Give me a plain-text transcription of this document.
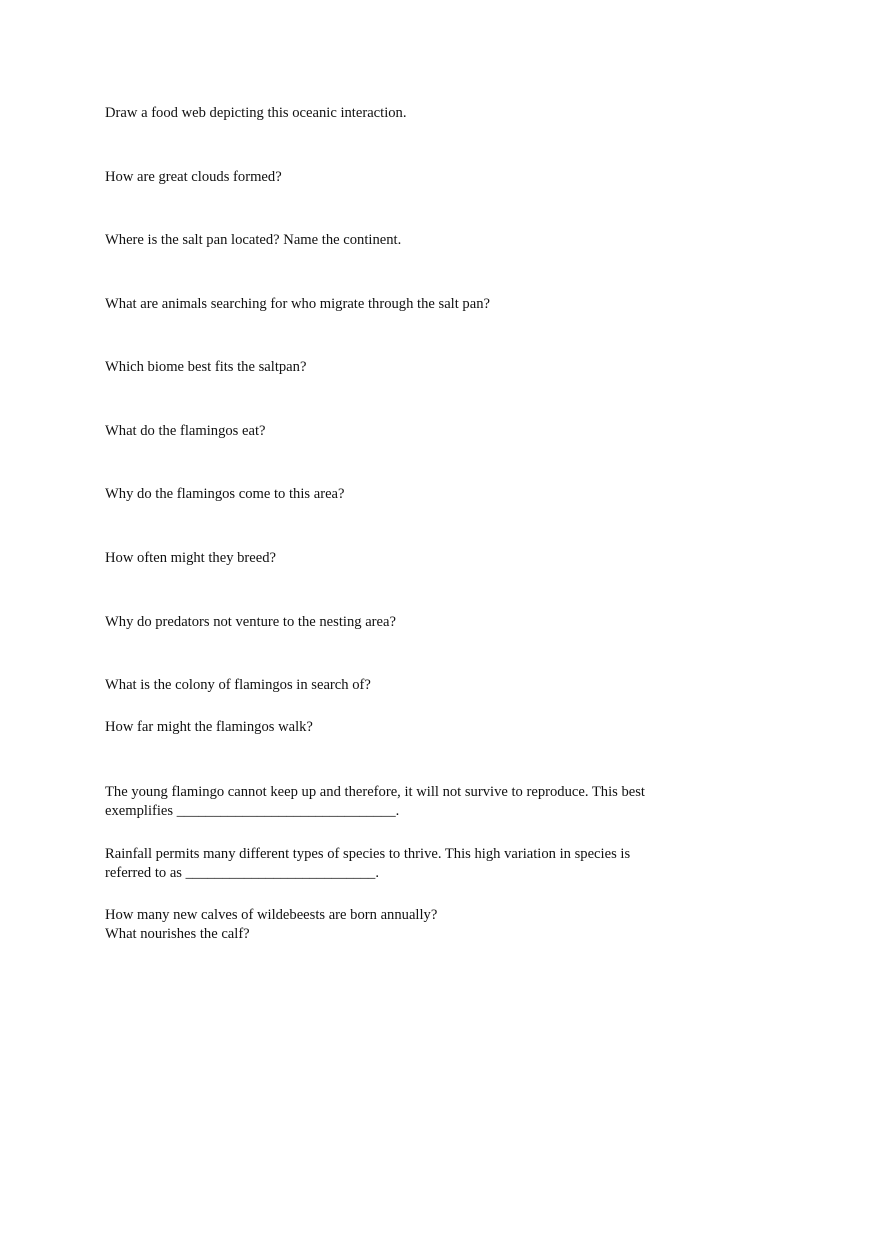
Draw a food web depicting this oceanic interaction.

How are great clouds formed?

Where is the salt pan located? Name the continent.

What are animals searching for who migrate through the salt pan?

Which biome best fits the saltpan?

What do the flamingos eat?

Why do the flamingos come to this area?

How often might they breed?

Why do predators not venture to the nesting area?

What is the colony of flamingos in search of?

How far might the flamingos walk?

The young flamingo cannot keep up and therefore, it will not survive to reproduce. This best
exemplifies ______________________________.

Rainfall permits many different types of species to thrive. This high variation in species is
referred to as __________________________.

How many new calves of wildebeests are born annually?

What nourishes the calf?
